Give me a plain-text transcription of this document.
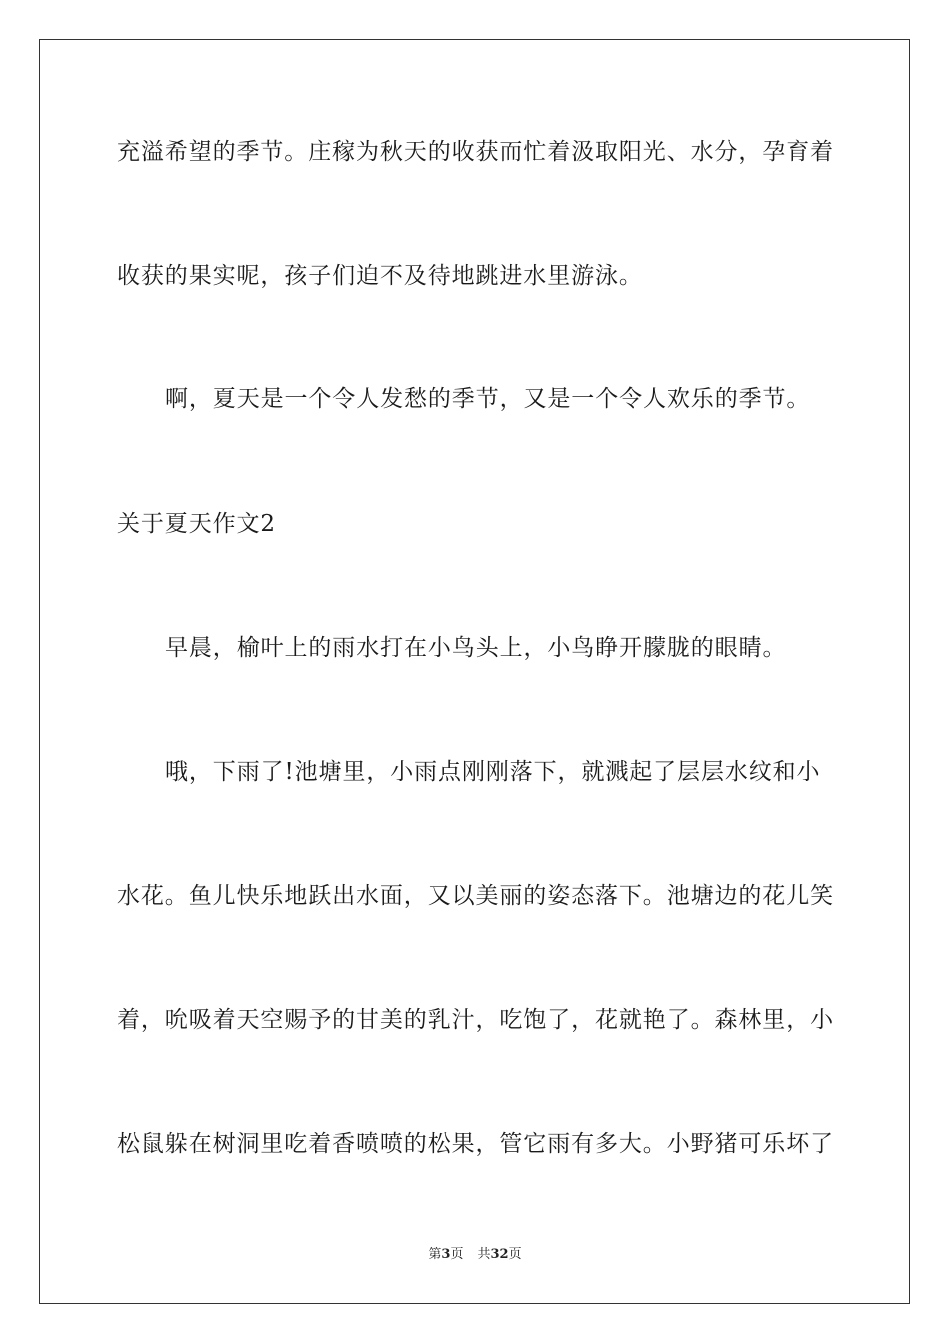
充溢希望的季节。庄稼为秋天的收获而忙着汲取阳光、水分，孕育着
收获的果实呢，孩子们迫不及待地跳进水里游泳。
啊，夏天是一个令人发愁的季节，又是一个令人欢乐的季节。
关于夏天作文2
早晨，榆叶上的雨水打在小鸟头上，小鸟睁开朦胧的眼睛。
哦，下雨了!池塘里，小雨点刚刚落下，就溅起了层层水纹和小
水花。鱼儿快乐地跃出水面，又以美丽的姿态落下。池塘边的花儿笑
着，吮吸着天空赐予的甘美的乳汁，吃饱了，花就艳了。森林里，小
松鼠躲在树洞里吃着香喷喷的松果，管它雨有多大。小野猪可乐坏了
第3页 共32页
